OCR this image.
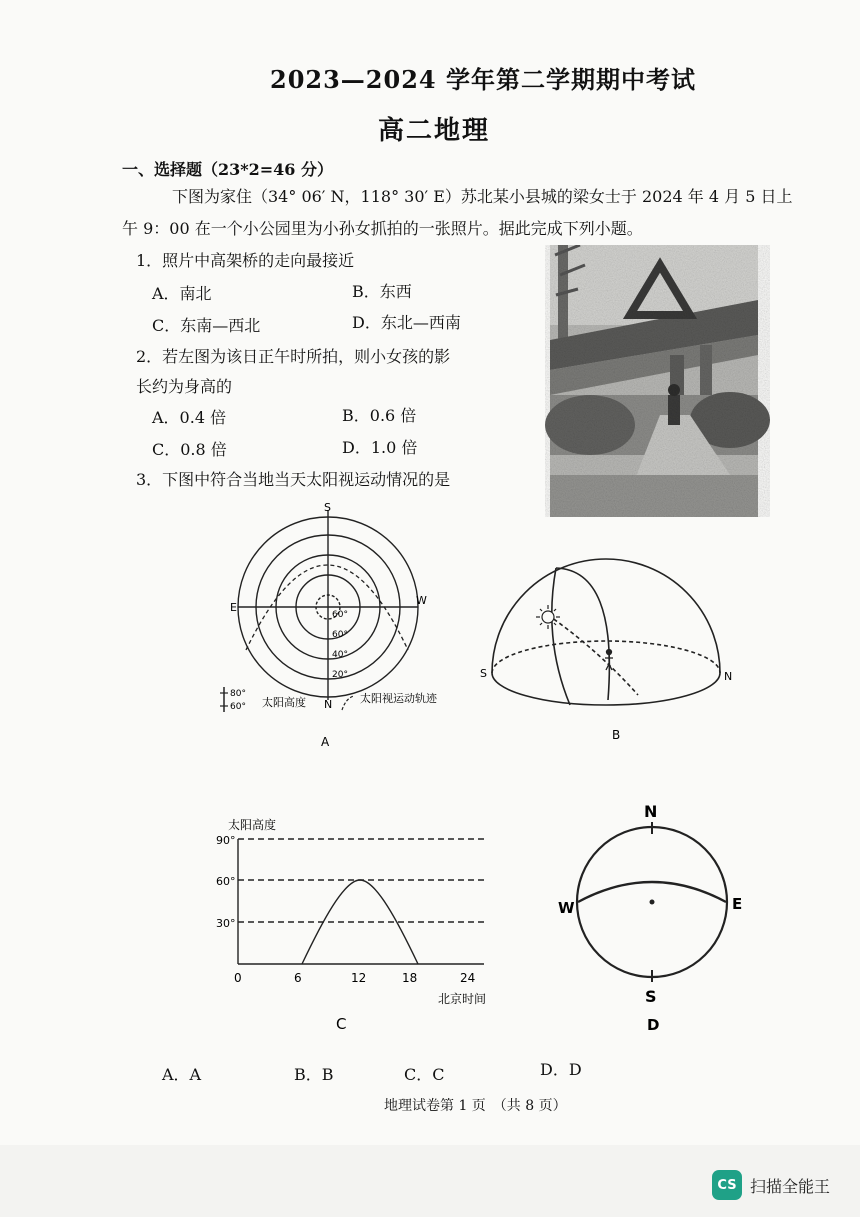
2023—2024 学年第二学期期中考试
高二地理
一、选择题（23*2=46 分）
下图为家住（34° 06′ N，118° 30′ E）苏北某小县城的梁女士于 2024 年 4 月 5 日上
午 9：00 在一个小公园里为小孙女抓拍的一张照片。据此完成下列小题。
1．照片中高架桥的走向最接近
A．南北	B．东西
C．东南—西北	D．东北—西南
2．若左图为该日正午时所拍，则小女孩的影
长约为身高的
A．0.4 倍	B．0.6 倍
C．0.8 倍	D．1.0 倍
3．下图中符合当地当天太阳视运动情况的是
S
E
W
N
60°
60°
40°
20°
80°
60° 太阳高度	太阳视运动轨迹
A
S	N
B
太阳高度
90°
60°
30°
0	6	12	18	24
北京时间
C
N
W	E
S
D
A．A	B．B	C．C	D．D
地理试卷第 1 页　（共 8 页）
CS 扫描全能王
